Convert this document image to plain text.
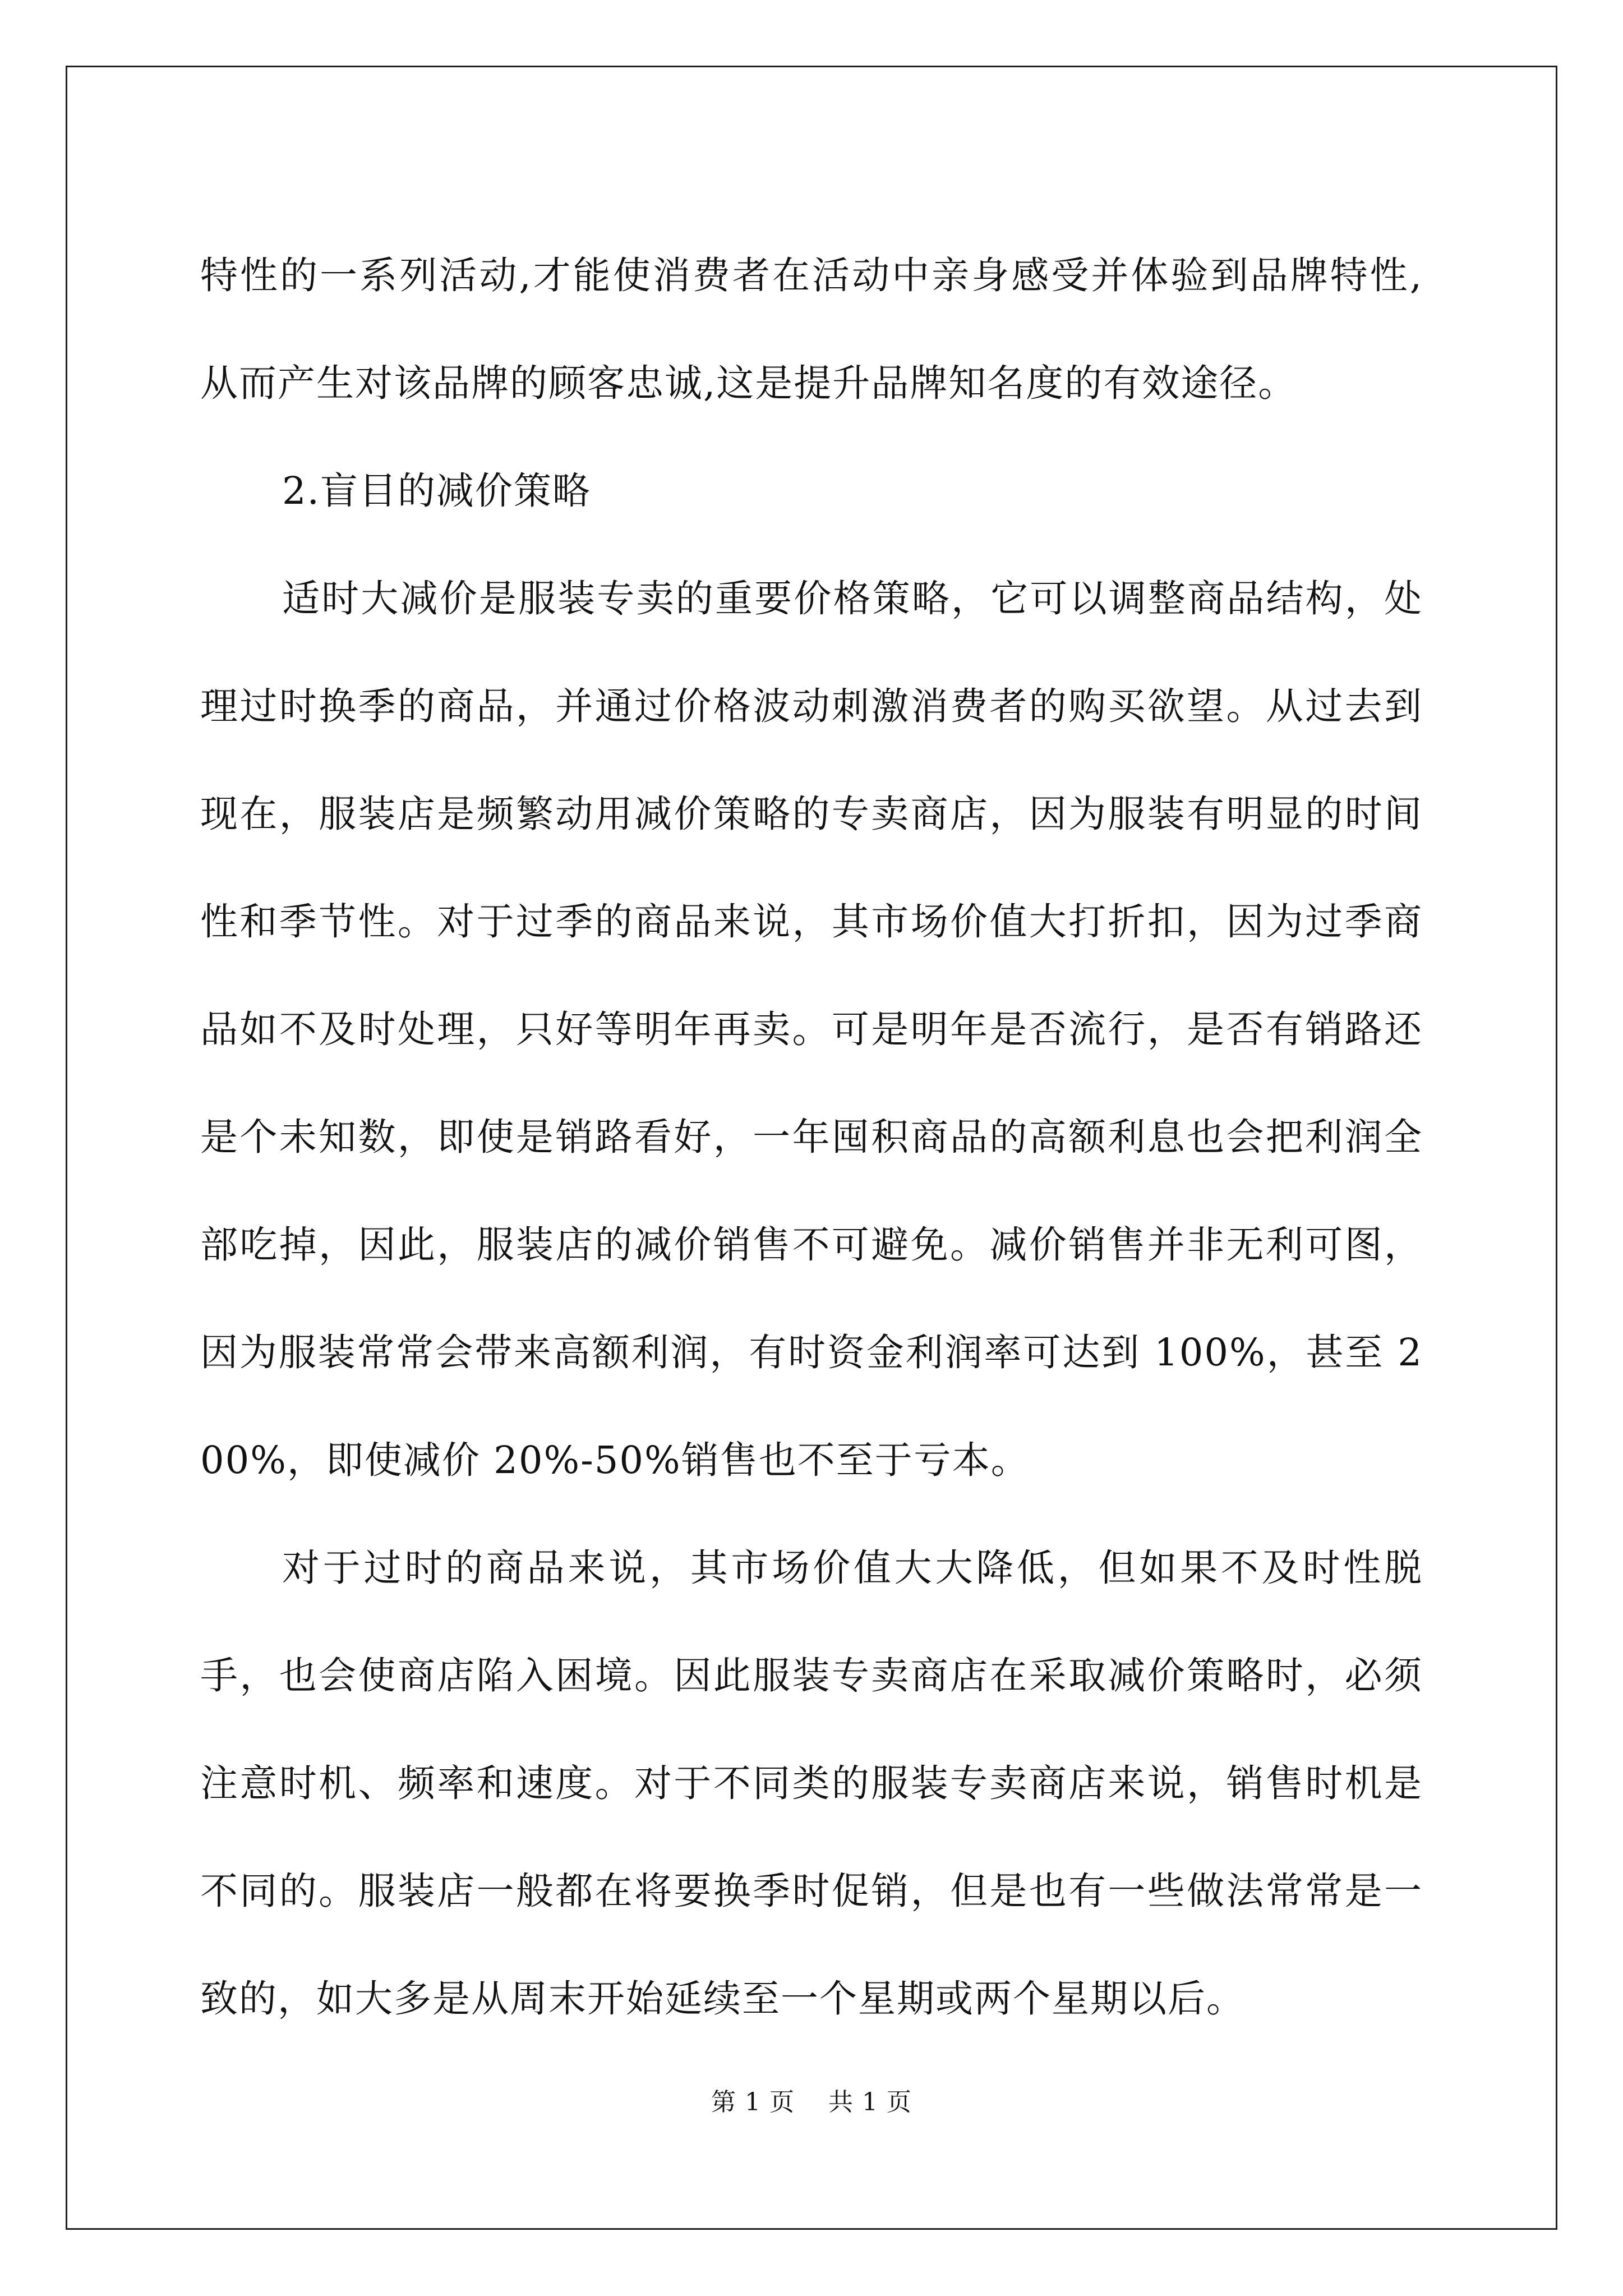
特性的一系列活动,才能使消费者在活动中亲身感受并体验到品牌特性,从而产生对该品牌的顾客忠诚,这是提升品牌知名度的有效途径。

2.盲目的减价策略

适时大减价是服装专卖的重要价格策略，它可以调整商品结构，处理过时换季的商品，并通过价格波动刺激消费者的购买欲望。从过去到现在，服装店是频繁动用减价策略的专卖商店，因为服装有明显的时间性和季节性。对于过季的商品来说，其市场价值大打折扣，因为过季商品如不及时处理，只好等明年再卖。可是明年是否流行，是否有销路还是个未知数，即使是销路看好，一年囤积商品的高额利息也会把利润全部吃掉，因此，服装店的减价销售不可避免。减价销售并非无利可图，因为服装常常会带来高额利润，有时资金利润率可达到 100%，甚至 200%，即使减价 20%-50%销售也不至于亏本。

对于过时的商品来说，其市场价值大大降低，但如果不及时性脱手，也会使商店陷入困境。因此服装专卖商店在采取减价策略时，必须注意时机、频率和速度。对于不同类的服装专卖商店来说，销售时机是不同的。服装店一般都在将要换季时促销，但是也有一些做法常常是一致的，如大多是从周末开始延续至一个星期或两个星期以后。

第 1 页 共 1 页
